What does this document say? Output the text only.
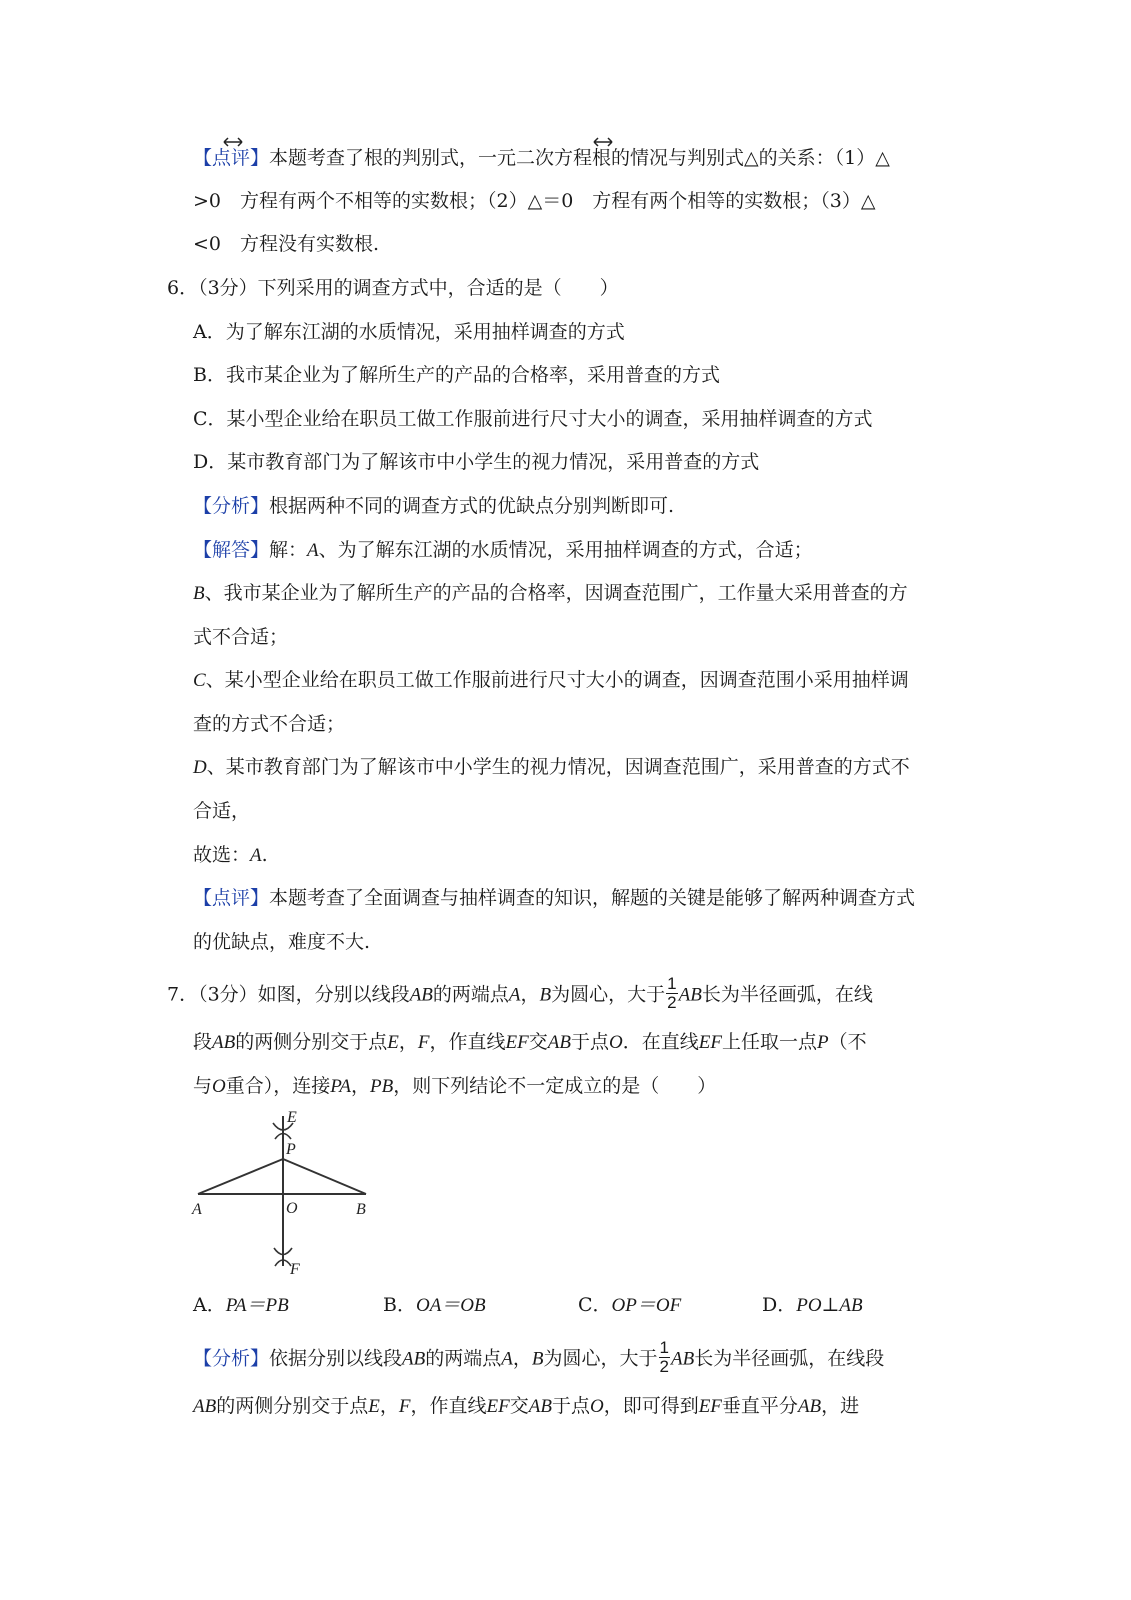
【点评】本题考查了根的判别式，一元二次方程根的情况与判别式△的关系：（1）△
>0　方程有两个不相等的实数根；（2）△＝0　方程有两个相等的实数根；（3）△
<0　方程没有实数根.
6．（3分）下列采用的调查方式中，合适的是（　　）
A．为了解东江湖的水质情况，采用抽样调查的方式
B．我市某企业为了解所生产的产品的合格率，采用普查的方式
C．某小型企业给在职员工做工作服前进行尺寸大小的调查，采用抽样调查的方式
D．某市教育部门为了解该市中小学生的视力情况，采用普查的方式
【分析】根据两种不同的调查方式的优缺点分别判断即可.
【解答】解：A、为了解东江湖的水质情况，采用抽样调查的方式，合适；
B、我市某企业为了解所生产的产品的合格率，因调查范围广，工作量大采用普查的方
式不合适；
C、某小型企业给在职员工做工作服前进行尺寸大小的调查，因调查范围小采用抽样调
查的方式不合适；
D、某市教育部门为了解该市中小学生的视力情况，因调查范围广，采用普查的方式不
合适，
故选：A.
【点评】本题考查了全面调查与抽样调查的知识，解题的关键是能够了解两种调查方式
的优缺点，难度不大.
7．（3分）如图，分别以线段AB的两端点A，B为圆心，大于 $\frac{1}{2}$ AB长为半径画弧，在线
段AB的两侧分别交于点E，F，作直线EF交AB于点O．在直线EF上任取一点P（不
与O重合），连接PA，PB，则下列结论不一定成立的是（　　）
E
P
A	O	B
F
A．PA＝PB	B．OA＝OB	C．OP＝OF	D．PO⊥AB
【分析】依据分别以线段AB的两端点A，B为圆心，大于 $\frac{1}{2}$ AB长为半径画弧，在线段
AB的两侧分别交于点E，F，作直线EF交AB于点O，即可得到EF垂直平分AB，进
